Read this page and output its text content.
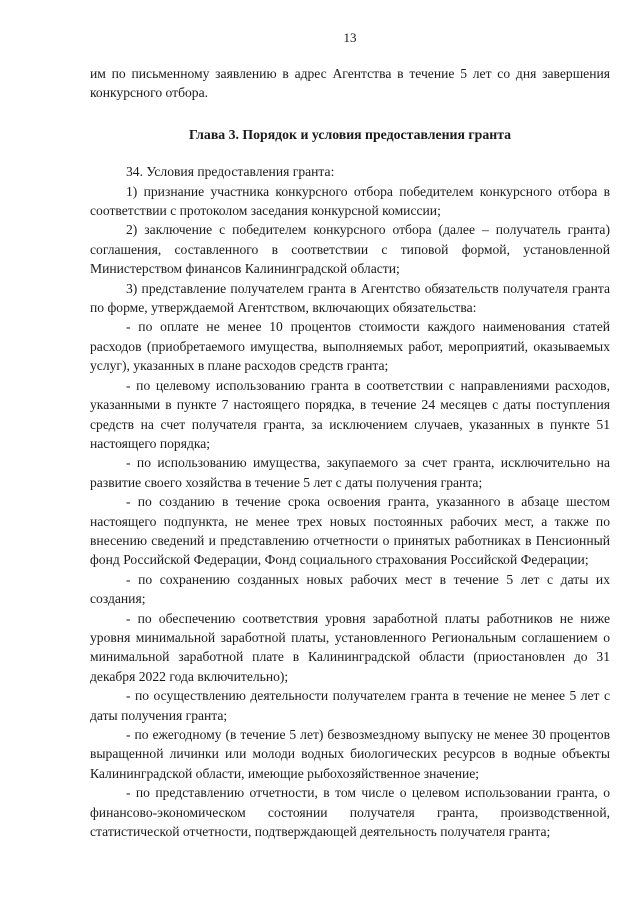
13

им по письменному заявлению в адрес Агентства в течение 5 лет со дня завершения конкурсного отбора.

Глава 3. Порядок и условия предоставления гранта

34. Условия предоставления гранта:

1) признание участника конкурсного отбора победителем конкурсного отбора в соответствии с протоколом заседания конкурсной комиссии;

2) заключение с победителем конкурсного отбора (далее – получатель гранта) соглашения, составленного в соответствии с типовой формой, установленной Министерством финансов Калининградской области;

3) представление получателем гранта в Агентство обязательств получателя гранта по форме, утверждаемой Агентством, включающих обязательства:

- по оплате не менее 10 процентов стоимости каждого наименования статей расходов (приобретаемого имущества, выполняемых работ, мероприятий, оказываемых услуг), указанных в плане расходов средств гранта;

- по целевому использованию гранта в соответствии с направлениями расходов, указанными в пункте 7 настоящего порядка, в течение 24 месяцев с даты поступления средств на счет получателя гранта, за исключением случаев, указанных в пункте 51 настоящего порядка;

- по использованию имущества, закупаемого за счет гранта, исключительно на развитие своего хозяйства в течение 5 лет с даты получения гранта;

- по созданию в течение срока освоения гранта, указанного в абзаце шестом настоящего подпункта, не менее трех новых постоянных рабочих мест, а также по внесению сведений и представлению отчетности о принятых работниках в Пенсионный фонд Российской Федерации, Фонд социального страхования Российской Федерации;

- по сохранению созданных новых рабочих мест в течение 5 лет с даты их создания;

- по обеспечению соответствия уровня заработной платы работников не ниже уровня минимальной заработной платы, установленного Региональным соглашением о минимальной заработной плате в Калининградской области (приостановлен до 31 декабря 2022 года включительно);

- по осуществлению деятельности получателем гранта в течение не менее 5 лет с даты получения гранта;

- по ежегодному (в течение 5 лет) безвозмездному выпуску не менее 30 процентов выращенной личинки или молоди водных биологических ресурсов в водные объекты Калининградской области, имеющие рыбохозяйственное значение;

- по представлению отчетности, в том числе о целевом использовании гранта, о финансово-экономическом состоянии получателя гранта, производственной, статистической отчетности, подтверждающей деятельность получателя гранта;
